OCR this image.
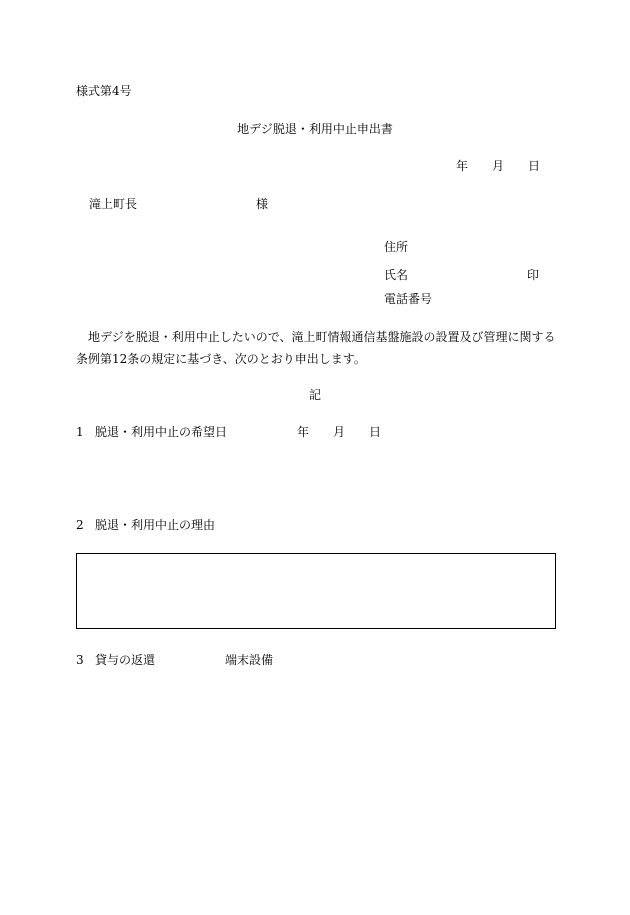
様式第4号
地デジ脱退・利用中止申出書
年 月 日
滝上町長	様
住所
氏名	印
電話番号
地デジを脱退・利用中止したいので、滝上町情報通信基盤施設の設置及び管理に関する条例第12条の規定に基づき、次のとおり申出します。
記
1 脱退・利用中止の希望日	年 月 日
2 脱退・利用中止の理由
3 貸与の返還	端末設備
